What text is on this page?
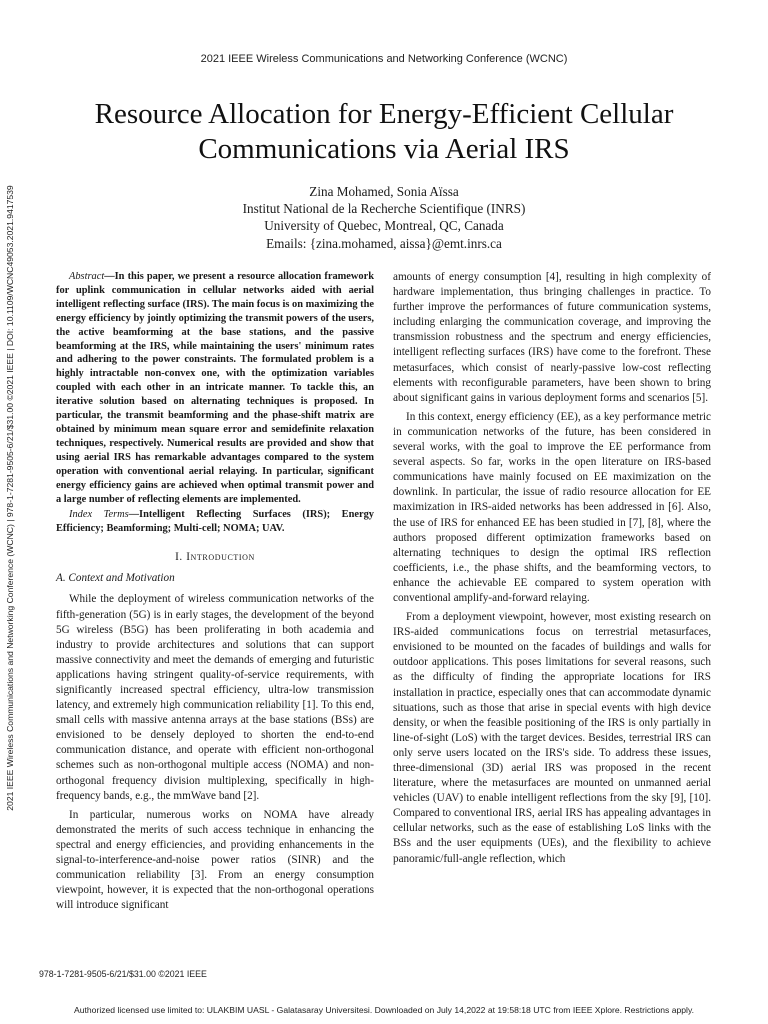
2021 IEEE Wireless Communications and Networking Conference (WCNC)
Resource Allocation for Energy-Efficient Cellular Communications via Aerial IRS
Zina Mohamed, Sonia Aïssa
Institut National de la Recherche Scientifique (INRS)
University of Quebec, Montreal, QC, Canada
Emails: {zina.mohamed, aissa}@emt.inrs.ca
2021 IEEE Wireless Communications and Networking Conference (WCNC) | 978-1-7281-9505-6/21/$31.00 ©2021 IEEE | DOI: 10.1109/WCNC49053.2021.9417539	Abstract—In this paper, we present a resource allocation framework for uplink communication in cellular networks aided with aerial intelligent reflecting surface (IRS). The main focus is on maximizing the energy efficiency by jointly optimizing the transmit powers of the users, the active beamforming at the base stations, and the passive beamforming at the IRS, while maintaining the users' minimum rates and adhering to the power constraints. The formulated problem is a highly intractable non-convex one, with the optimization variables coupled with each other in an intricate manner. To tackle this, an iterative solution based on alternating techniques is proposed. In particular, the transmit beamforming and the phase-shift matrix are obtained by minimum mean square error and semidefinite relaxation techniques, respectively. Numerical results are provided and show that using aerial IRS has remarkable advantages compared to the system operation with conventional aerial relaying. In particular, significant energy efficiency gains are achieved when optimal transmit power and a large number of reflecting elements are implemented.
Index Terms—Intelligent Reflecting Surfaces (IRS); Energy Efficiency; Beamforming; Multi-cell; NOMA; UAV.
I. Introduction
A. Context and Motivation

While the deployment of wireless communication networks of the fifth-generation (5G) is in early stages, the development of the beyond 5G wireless (B5G) has been proliferating in both academia and industry to provide architectures and solutions that can support massive connectivity and meet the demands of emerging and futuristic applications having stringent quality-of-service requirements, with significantly increased spectral efficiency, ultra-low transmission latency, and extremely high communication reliability [1]. To this end, small cells with massive antenna arrays at the base stations (BSs) are envisioned to be densely deployed to shorten the end-to-end communication distance, and operate with efficient non-orthogonal schemes such as non-orthogonal multiple access (NOMA) and non-orthogonal frequency division multiplexing, specifically in high-frequency bands, e.g., the mmWave band [2].

In particular, numerous works on NOMA have already demonstrated the merits of such access technique in enhancing the spectral and energy efficiencies, and providing enhancements in the signal-to-interference-and-noise power ratios (SINR) and the communication reliability [3]. From an energy consumption viewpoint, however, it is expected that the non-orthogonal operations will introduce significant

amounts of energy consumption [4], resulting in high complexity of hardware implementation, thus bringing challenges in practice. To further improve the performances of future communication systems, including enlarging the communication coverage, and improving the transmission robustness and the spectrum and energy efficiencies, intelligent reflecting surfaces (IRS) have come to the forefront. These metasurfaces, which consist of nearly-passive low-cost reflecting elements with reconfigurable parameters, have been shown to bring about significant gains in various deployment forms and scenarios [5].

In this context, energy efficiency (EE), as a key performance metric in communication networks of the future, has been considered in several works, with the goal to improve the EE performance from several aspects. So far, works in the open literature on IRS-based communications have mainly focused on EE maximization on the downlink. In particular, the issue of radio resource allocation for EE maximization in IRS-aided networks has been addressed in [6]. Also, the use of IRS for enhanced EE has been studied in [7], [8], where the authors proposed different optimization frameworks based on alternating techniques to design the optimal IRS reflection coefficients, i.e., the phase shifts, and the beamforming vectors, to enhance the achievable EE compared to system operation with conventional amplify-and-forward relaying.

From a deployment viewpoint, however, most existing research on IRS-aided communications focus on terrestrial metasurfaces, envisioned to be mounted on the facades of buildings and walls for outdoor applications. This poses limitations for several reasons, such as the difficulty of finding the appropriate locations for IRS installation in practice, especially ones that can accommodate dynamic situations, such as those that arise in special events with high device density, or when the feasible positioning of the IRS is only partially in line-of-sight (LoS) with the target devices. Besides, terrestrial IRS can only serve users located on the IRS's side. To address these issues, three-dimensional (3D) aerial IRS was proposed in the recent literature, where the metasurfaces are mounted on unmanned aerial vehicles (UAV) to enable intelligent reflections from the sky [9], [10]. Compared to conventional IRS, aerial IRS has appealing advantages in cellular networks, such as the ease of establishing LoS links with the BSs and the user equipments (UEs), and the flexibility to achieve panoramic/full-angle reflection, which

978-1-7281-9505-6/21/$31.00 ©2021 IEEE
Authorized licensed use limited to: ULAKBIM UASL - Galatasaray Universitesi. Downloaded on July 14,2022 at 19:58:18 UTC from IEEE Xplore. Restrictions apply.
